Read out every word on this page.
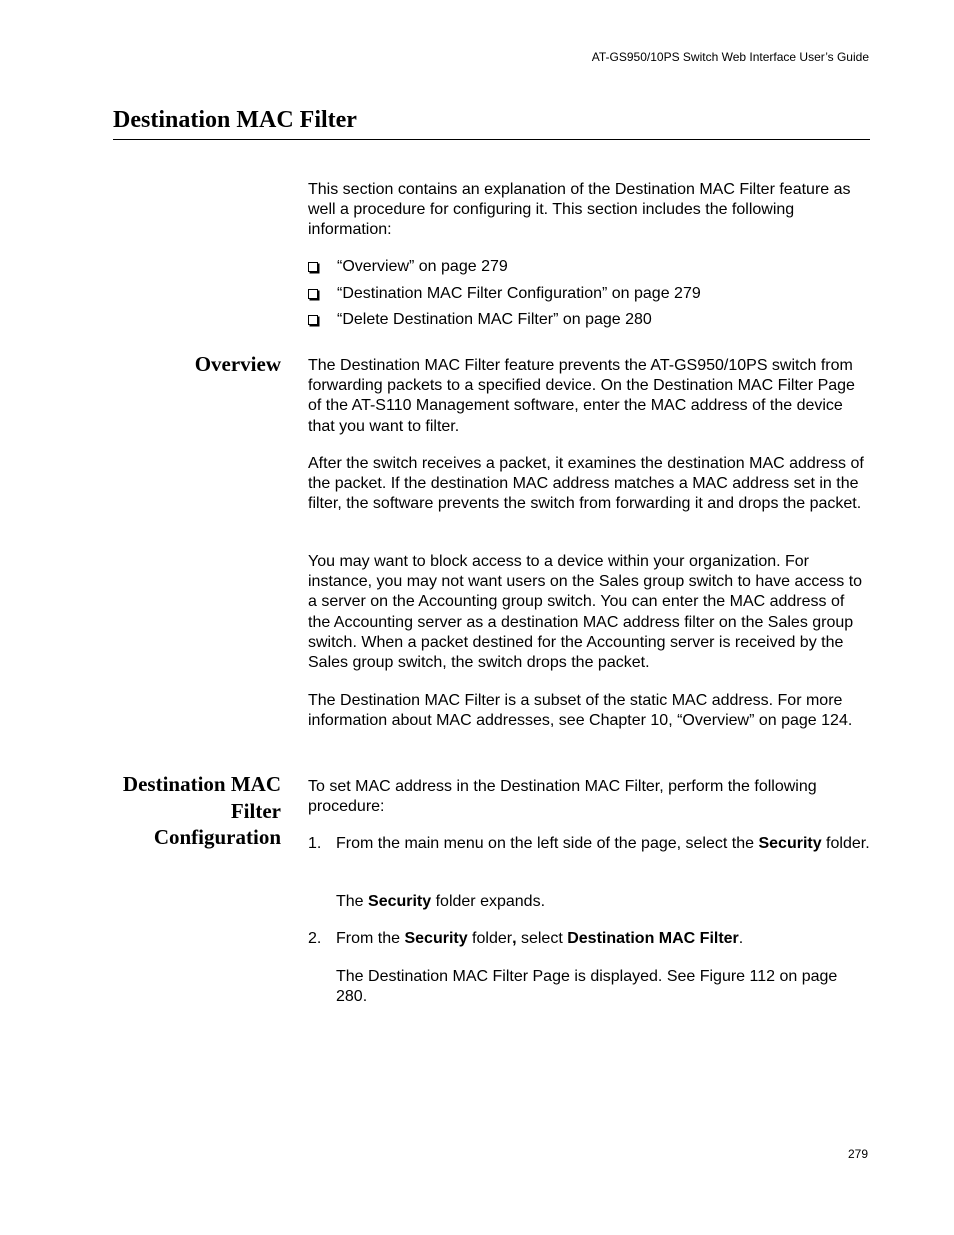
AT-GS950/10PS Switch Web Interface User’s Guide
Destination MAC Filter

This section contains an explanation of the Destination MAC Filter feature as well a procedure for configuring it. This section includes the following information:

“Overview” on page 279
“Destination MAC Filter Configuration” on page 279
“Delete Destination MAC Filter” on page 280
Overview The Destination MAC Filter feature prevents the AT-GS950/10PS switch from forwarding packets to a specified device. On the Destination MAC Filter Page of the AT-S110 Management software, enter the MAC address of the device that you want to filter.

After the switch receives a packet, it examines the destination MAC address of the packet. If the destination MAC address matches a MAC address set in the filter, the software prevents the switch from forwarding it and drops the packet.

You may want to block access to a device within your organization. For instance, you may not want users on the Sales group switch to have access to a server on the Accounting group switch. You can enter the MAC address of the Accounting server as a destination MAC address filter on the Sales group switch. When a packet destined for the Accounting server is received by the Sales group switch, the switch drops the packet.

The Destination MAC Filter is a subset of the static MAC address. For more information about MAC addresses, see Chapter 10, “Overview” on page 124.

Destination MAC
Filter
Configuration

To set MAC address in the Destination MAC Filter, perform the following procedure:

1. From the main menu on the left side of the page, select the Security folder.

The Security folder expands.

2. From the Security folder, select Destination MAC Filter.

The Destination MAC Filter Page is displayed. See Figure 112 on page 280.

279
